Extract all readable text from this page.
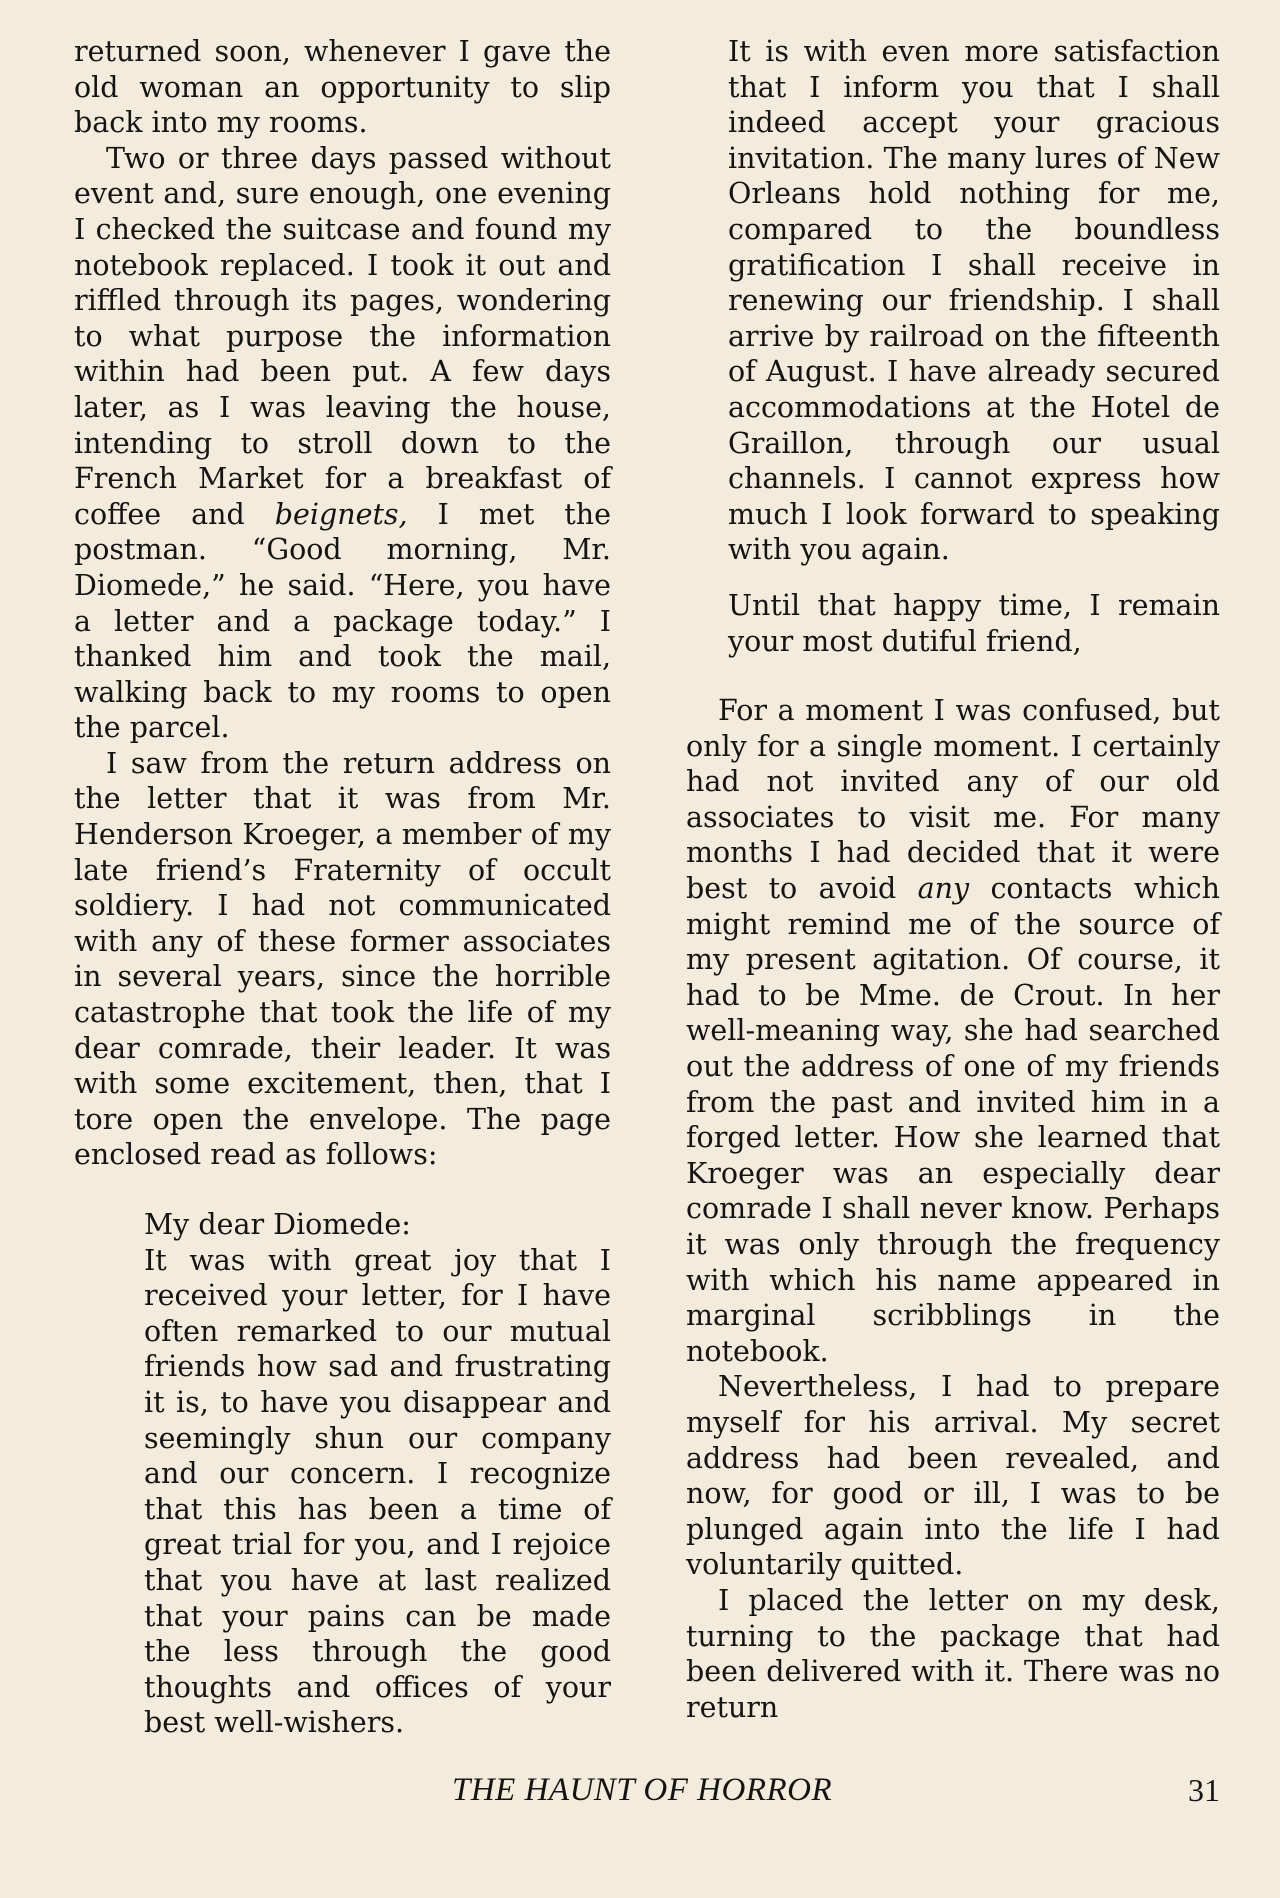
returned soon, whenever I gave the old woman an opportunity to slip back into my rooms.

Two or three days passed without event and, sure enough, one evening I checked the suitcase and found my notebook replaced. I took it out and riffled through its pages, wondering to what purpose the information within had been put. A few days later, as I was leaving the house, intending to stroll down to the French Market for a breakfast of coffee and beignets, I met the postman. “Good morning, Mr. Diomede,” he said. “Here, you have a letter and a package today.” I thanked him and took the mail, walking back to my rooms to open the parcel.

I saw from the return address on the letter that it was from Mr. Henderson Kroeger, a member of my late friend’s Fraternity of occult soldiery. I had not communicated with any of these former associates in several years, since the horrible catastrophe that took the life of my dear comrade, their leader. It was with some excitement, then, that I tore open the envelope. The page enclosed read as follows:

My dear Diomede:

It was with great joy that I received your letter, for I have often remarked to our mutual friends how sad and frustrating it is, to have you disappear and seemingly shun our company and our concern. I recognize that this has been a time of great trial for you, and I rejoice that you have at last realized that your pains can be made the less through the good thoughts and offices of your best well-wishers.

It is with even more satisfaction that I inform you that I shall indeed accept your gracious invitation. The many lures of New Orleans hold nothing for me, compared to the boundless gratification I shall receive in renewing our friendship. I shall arrive by railroad on the fifteenth of August. I have already secured accommodations at the Hotel de Graillon, through our usual channels. I cannot express how much I look forward to speaking with you again.

Until that happy time, I remain your most dutiful friend,

For a moment I was confused, but only for a single moment. I certainly had not invited any of our old associates to visit me. For many months I had decided that it were best to avoid any contacts which might remind me of the source of my present agitation. Of course, it had to be Mme. de Crout. In her well-meaning way, she had searched out the address of one of my friends from the past and invited him in a forged letter. How she learned that Kroeger was an especially dear comrade I shall never know. Perhaps it was only through the frequency with which his name appeared in marginal scribblings in the notebook.

Nevertheless, I had to prepare myself for his arrival. My secret address had been revealed, and now, for good or ill, I was to be plunged again into the life I had voluntarily quitted.

I placed the letter on my desk, turning to the package that had been delivered with it. There was no return

THE HAUNT OF HORROR	31
